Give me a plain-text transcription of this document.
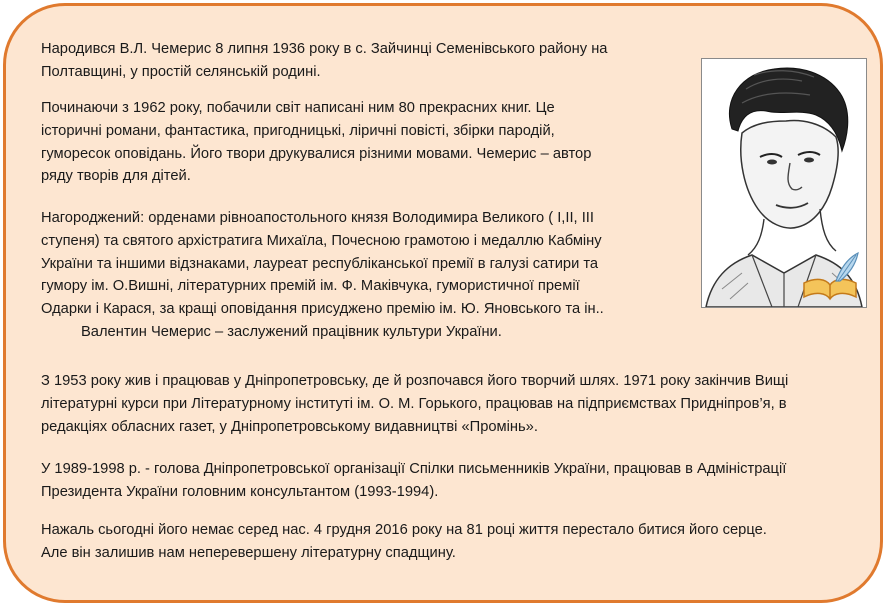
Народився В.Л. Чемерис 8 липня 1936 року в с. Зайчинці Семенівського району на
Полтавщині, у простій селянській родині.

Починаючи з 1962 року, побачили світ написані ним 80 прекрасних книг. Це
історичні романи, фантастика, пригодницькі, ліричні повісті, збірки пародій,
гуморесок оповідань. Його твори друкувалися різними мовами. Чемерис – автор
ряду творів для дітей.

Нагороджений: орденами рівноапостольного князя Володимира Великого ( I,II, III
ступеня) та святого архістратига Михаїла, Почесною грамотою і медаллю Кабміну
України та іншими відзнаками, лауреат республіканської премії в галузі сатири та
гумору ім. О.Вишні, літературних премій ім. Ф. Маківчука, гумористичної премії
Одарки і Карася, за кращі оповідання присуджено премію ім. Ю. Яновського та ін..
Валентин Чемерис – заслужений працівник культури України.

З 1953 року жив і працював у Дніпропетровську, де й розпочався його творчий шлях. 1971 року закінчив Вищі
літературні курси при Літературному інституті ім. О. М. Горького, працював на підприємствах Придніпров’я, в
редакціях обласних газет, у Дніпропетровському видавництві «Промінь».

У 1989-1998 р. - голова Дніпропетровської організації Спілки письменників України, працював в Адміністрації
Президента України головним консультантом (1993-1994).

Нажаль сьогодні його немає серед нас. 4 грудня 2016 року на 81 році життя перестало битися його серце.
Але він залишив нам неперевершену літературну спадщину.
